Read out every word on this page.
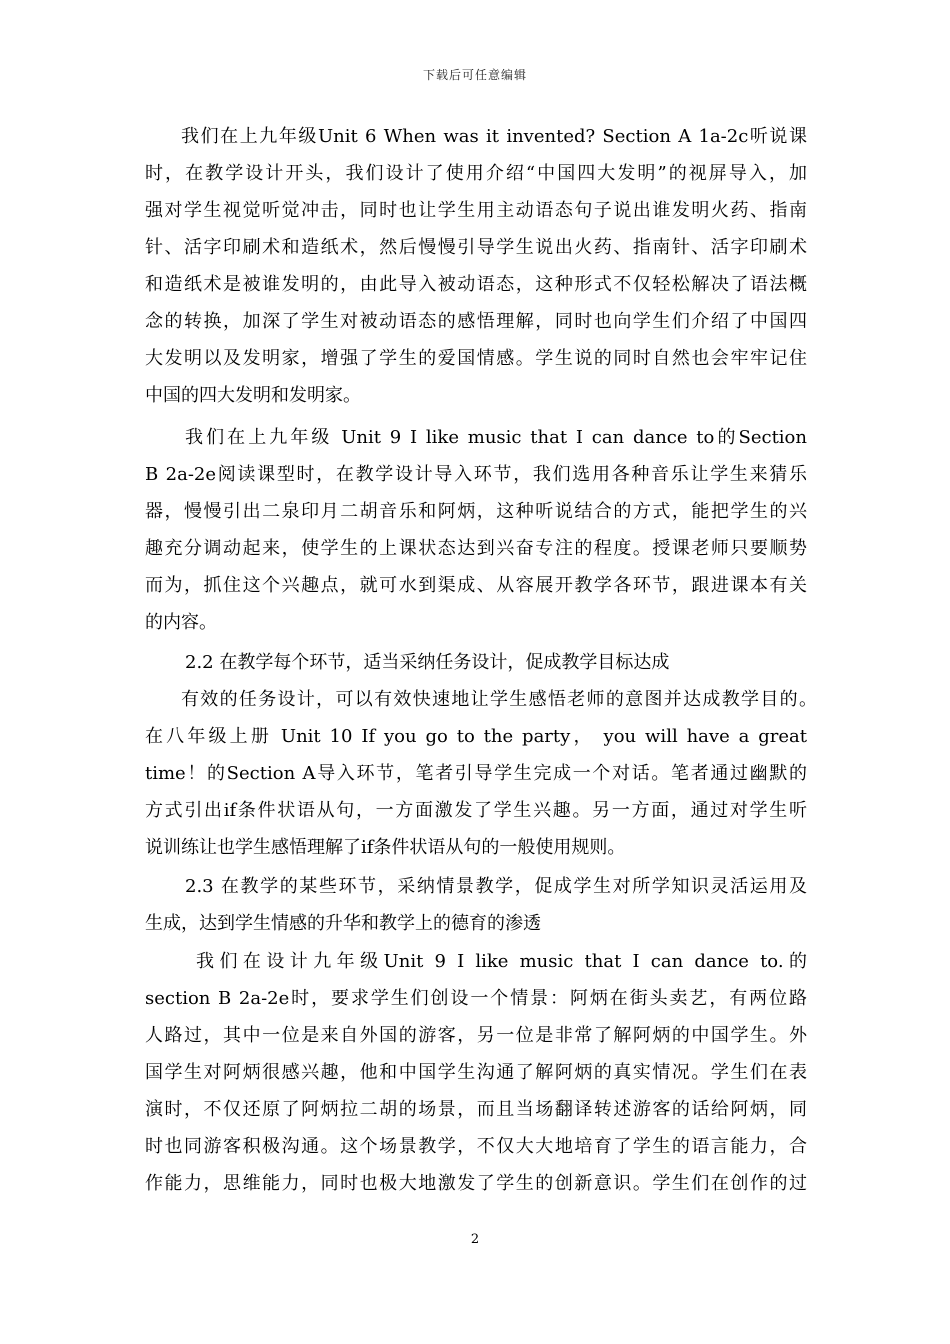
下载后可任意编辑
我们在上九年级Unit 6 When was it invented? Section A 1a-2c听说课
时，在教学设计开头，我们设计了使用介绍“中国四大发明”的视屏导入，加
强对学生视觉听觉冲击，同时也让学生用主动语态句子说出谁发明火药、指南
针、活字印刷术和造纸术，然后慢慢引导学生说出火药、指南针、活字印刷术
和造纸术是被谁发明的，由此导入被动语态，这种形式不仅轻松解决了语法概
念的转换，加深了学生对被动语态的感悟理解，同时也向学生们介绍了中国四
大发明以及发明家，增强了学生的爱国情感。学生说的同时自然也会牢牢记住
中国的四大发明和发明家。
我们在上九年级 Unit 9 I like music that I can dance to的Section
B 2a-2e阅读课型时，在教学设计导入环节，我们选用各种音乐让学生来猜乐
器，慢慢引出二泉印月二胡音乐和阿炳，这种听说结合的方式，能把学生的兴
趣充分调动起来，使学生的上课状态达到兴奋专注的程度。授课老师只要顺势
而为，抓住这个兴趣点，就可水到渠成、从容展开教学各环节，跟进课本有关
的内容。
2.2 在教学每个环节，适当采纳任务设计，促成教学目标达成
有效的任务设计，可以有效快速地让学生感悟老师的意图并达成教学目的。
在八年级上册 Unit 10 If you go to the party， you will have a great
time！的Section A导入环节，笔者引导学生完成一个对话。笔者通过幽默的
方式引出if条件状语从句，一方面激发了学生兴趣。另一方面，通过对学生听
说训练让也学生感悟理解了if条件状语从句的一般使用规则。
2.3 在教学的某些环节，采纳情景教学，促成学生对所学知识灵活运用及
生成，达到学生情感的升华和教学上的德育的渗透
我们在设计九年级Unit 9 I like music that I can dance to.的
section B 2a-2e时，要求学生们创设一个情景：阿炳在街头卖艺，有两位路
人路过，其中一位是来自外国的游客，另一位是非常了解阿炳的中国学生。外
国学生对阿炳很感兴趣，他和中国学生沟通了解阿炳的真实情况。学生们在表
演时，不仅还原了阿炳拉二胡的场景，而且当场翻译转述游客的话给阿炳，同
时也同游客积极沟通。这个场景教学，不仅大大地培育了学生的语言能力，合
作能力，思维能力，同时也极大地激发了学生的创新意识。学生们在创作的过
2
